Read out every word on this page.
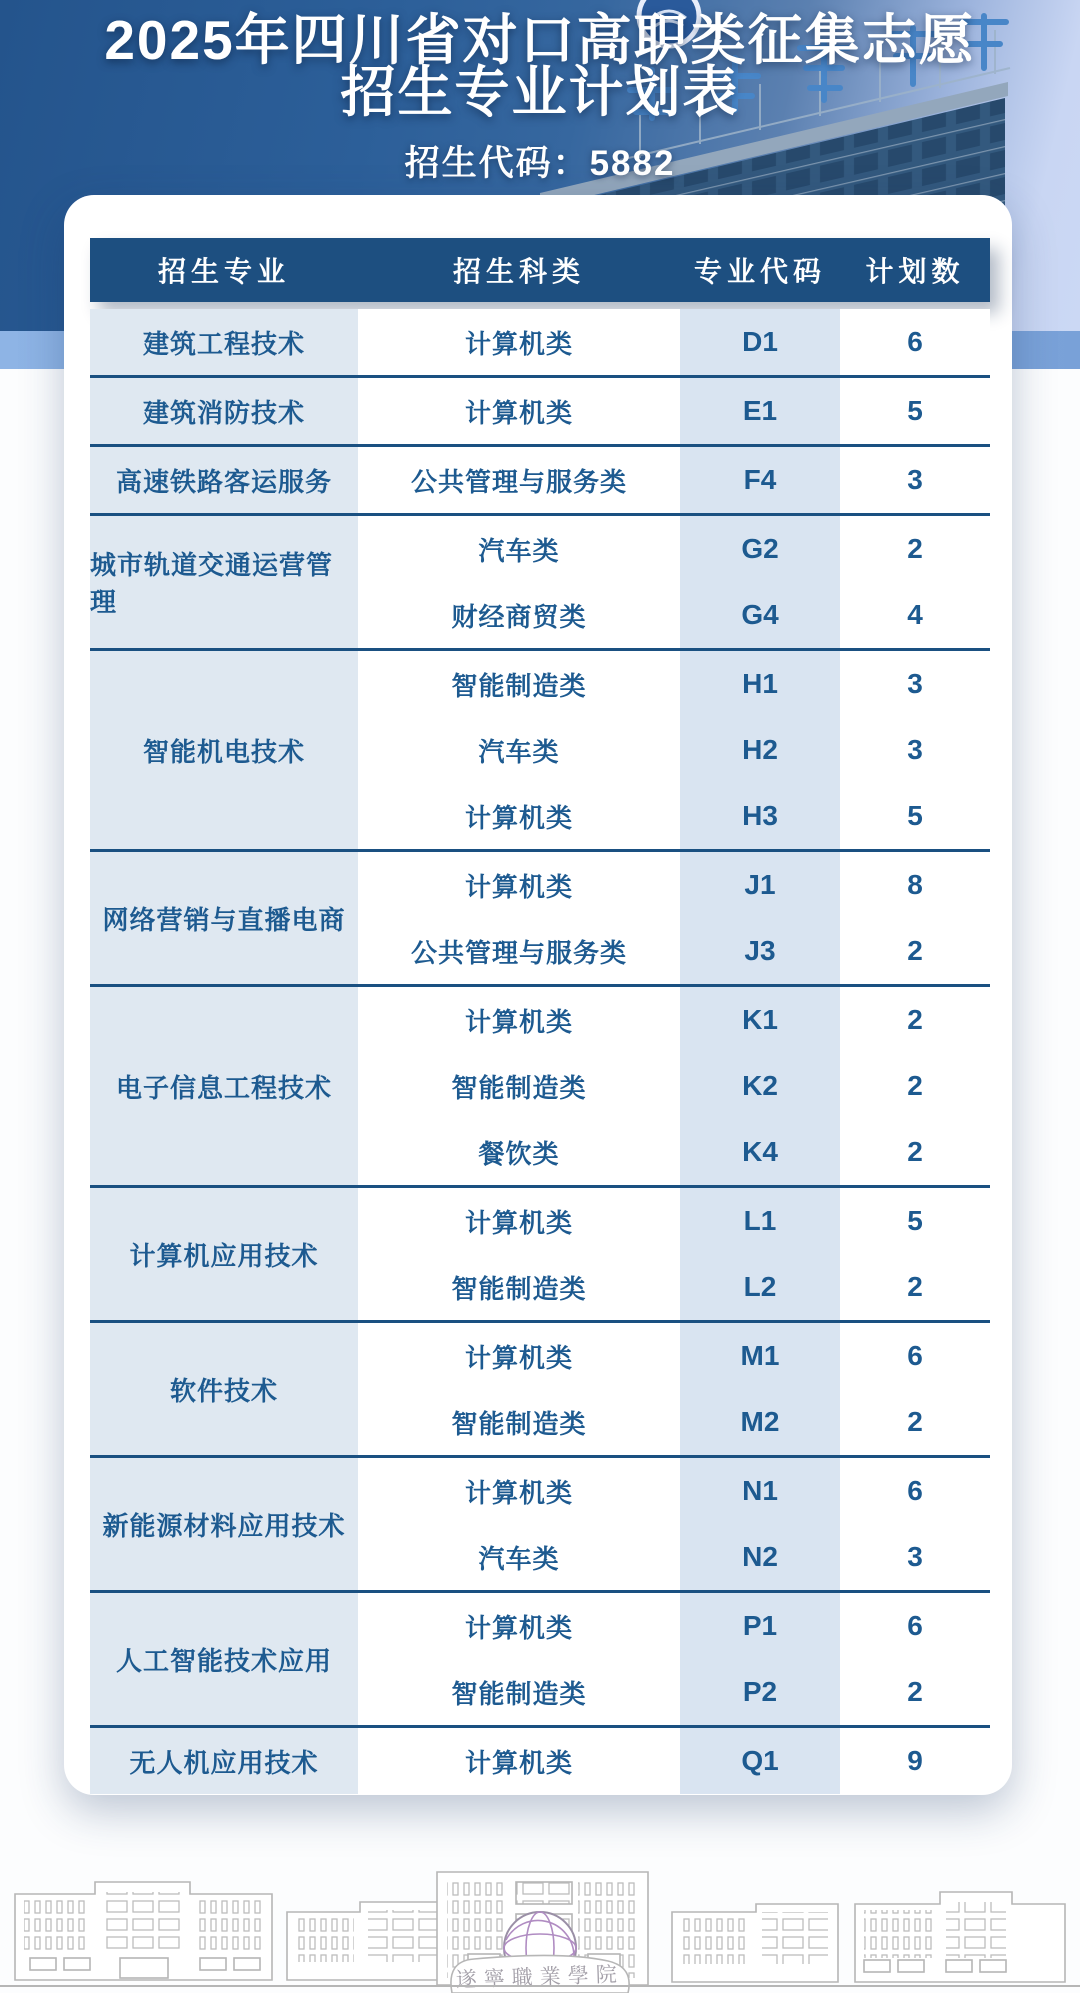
2025年四川省对口高职类征集志愿
招生专业计划表
招生代码：5882
招生专业	招生科类	专业代码	计划数
建筑工程技术	计算机类	D1	6
建筑消防技术	计算机类	E1	5
高速铁路客运服务	公共管理与服务类	F4	3
城市轨道交通运营管理
汽车类	G2	2
财经商贸类	G4	4
智能机电技术
智能制造类	H1	3
汽车类	H2	3
计算机类	H3	5
网络营销与直播电商
计算机类	J1	8
公共管理与服务类	J3	2
电子信息工程技术
计算机类	K1	2
智能制造类	K2	2
餐饮类	K4	2
计算机应用技术
计算机类	L1	5
智能制造类	L2	2
软件技术
计算机类	M1	6
智能制造类	M2	2
新能源材料应用技术
计算机类	N1	6
汽车类	N2	3
人工智能技术应用
计算机类	P1	6
智能制造类	P2	2
无人机应用技术	计算机类	Q1	9
遂寧職業學院
